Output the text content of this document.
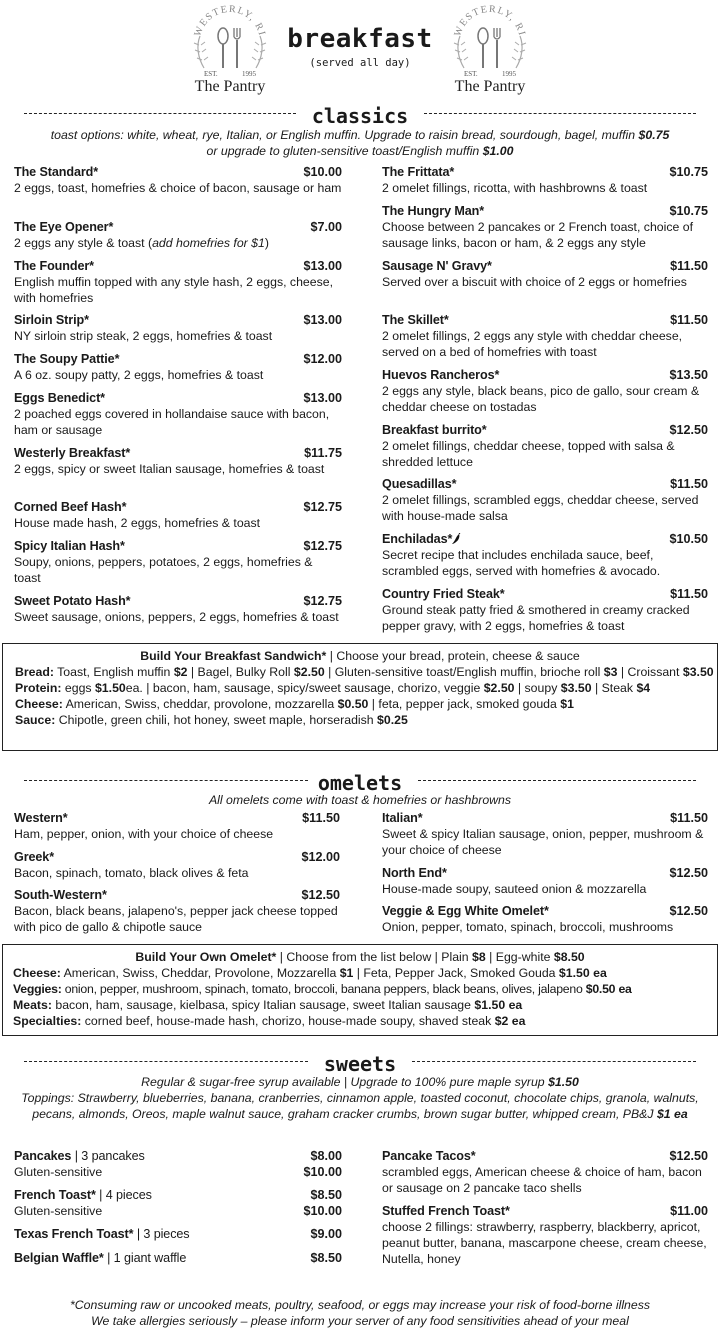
WESTERLY, RI
EST.	1995
The Pantry
breakfast
(served all day)
WESTERLY, RI
EST.	1995
The Pantry
classics
toast options: white, wheat, rye, Italian, or English muffin. Upgrade to raisin bread, sourdough, bagel, muffin $0.75
or upgrade to gluten-sensitive toast/English muffin $1.00
The Standard*	$10.00
2 eggs, toast, homefries & choice of bacon, sausage or ham
The Eye Opener*	$7.00
2 eggs any style & toast (add homefries for $1)
The Founder*	$13.00
English muffin topped with any style hash, 2 eggs, cheese, with homefries
Sirloin Strip*	$13.00
NY sirloin strip steak, 2 eggs, homefries & toast
The Soupy Pattie*	$12.00
A 6 oz. soupy patty, 2 eggs, homefries & toast
Eggs Benedict*	$13.00
2 poached eggs covered in hollandaise sauce with bacon, ham or sausage
Westerly Breakfast*	$11.75
2 eggs, spicy or sweet Italian sausage, homefries & toast
Corned Beef Hash*	$12.75
House made hash, 2 eggs, homefries & toast
Spicy Italian Hash*	$12.75
Soupy, onions, peppers, potatoes, 2 eggs, homefries & toast
Sweet Potato Hash*	$12.75
Sweet sausage, onions, peppers, 2 eggs, homefries & toast
The Frittata*	$10.75
2 omelet fillings, ricotta, with hashbrowns & toast
The Hungry Man*	$10.75
Choose between 2 pancakes or 2 French toast, choice of sausage links, bacon or ham, & 2 eggs any style
Sausage N' Gravy*	$11.50
Served over a biscuit with choice of 2 eggs or homefries
The Skillet*	$11.50
2 omelet fillings, 2 eggs any style with cheddar cheese, served on a bed of homefries with toast
Huevos Rancheros*	$13.50
2 eggs any style, black beans, pico de gallo, sour cream & cheddar cheese on tostadas
Breakfast burrito*	$12.50
2 omelet fillings, cheddar cheese, topped with salsa & shredded lettuce
Quesadillas*	$11.50
2 omelet fillings, scrambled eggs, cheddar cheese, served with house-made salsa
Enchiladas*	$10.50
Secret recipe that includes enchilada sauce, beef, scrambled eggs, served with homefries & avocado.
Country Fried Steak*	$11.50
Ground steak patty fried & smothered in creamy cracked pepper gravy, with 2 eggs, homefries & toast
Build Your Breakfast Sandwich* | Choose your bread, protein, cheese & sauce
Bread: Toast, English muffin $2 | Bagel, Bulky Roll $2.50 | Gluten-sensitive toast/English muffin, brioche roll $3 | Croissant $3.50
Protein: eggs $1.50ea. | bacon, ham, sausage, spicy/sweet sausage, chorizo, veggie $2.50 | soupy $3.50 | Steak $4
Cheese: American, Swiss, cheddar, provolone, mozzarella $0.50 | feta, pepper jack, smoked gouda $1
Sauce: Chipotle, green chili, hot honey, sweet maple, horseradish $0.25
omelets
All omelets come with toast & homefries or hashbrowns
Western*	$11.50
Ham, pepper, onion, with your choice of cheese
Greek*	$12.00
Bacon, spinach, tomato, black olives & feta
South-Western*	$12.50
Bacon, black beans, jalapeno's, pepper jack cheese topped with pico de gallo & chipotle sauce
Italian*	$11.50
Sweet & spicy Italian sausage, onion, pepper, mushroom & your choice of cheese
North End*	$12.50
House-made soupy, sauteed onion & mozzarella
Veggie & Egg White Omelet*	$12.50
Onion, pepper, tomato, spinach, broccoli, mushrooms
Build Your Own Omelet* | Choose from the list below | Plain $8 | Egg-white $8.50
Cheese: American, Swiss, Cheddar, Provolone, Mozzarella $1 | Feta, Pepper Jack, Smoked Gouda $1.50 ea
Veggies: onion, pepper, mushroom, spinach, tomato, broccoli, banana peppers, black beans, olives, jalapeno $0.50 ea
Meats: bacon, ham, sausage, kielbasa, spicy Italian sausage, sweet Italian sausage $1.50 ea
Specialties: corned beef, house-made hash, chorizo, house-made soupy, shaved steak $2 ea
sweets
Regular & sugar-free syrup available | Upgrade to 100% pure maple syrup $1.50
Toppings: Strawberry, blueberries, banana, cranberries, cinnamon apple, toasted coconut, chocolate chips, granola, walnuts, pecans, almonds, Oreos, maple walnut sauce, graham cracker crumbs, brown sugar butter, whipped cream, PB&J $1 ea
Pancakes | 3 pancakes	$8.00
Gluten-sensitive	$10.00
French Toast* | 4 pieces	$8.50
Gluten-sensitive	$10.00
Texas French Toast* | 3 pieces	$9.00
Belgian Waffle* | 1 giant waffle	$8.50
Pancake Tacos*	$12.50
scrambled eggs, American cheese & choice of ham, bacon or sausage on 2 pancake taco shells
Stuffed French Toast*	$11.00
choose 2 fillings: strawberry, raspberry, blackberry, apricot, peanut butter, banana, mascarpone cheese, cream cheese, Nutella, honey
*Consuming raw or uncooked meats, poultry, seafood, or eggs may increase your risk of food-borne illness
We take allergies seriously – please inform your server of any food sensitivities ahead of your meal
